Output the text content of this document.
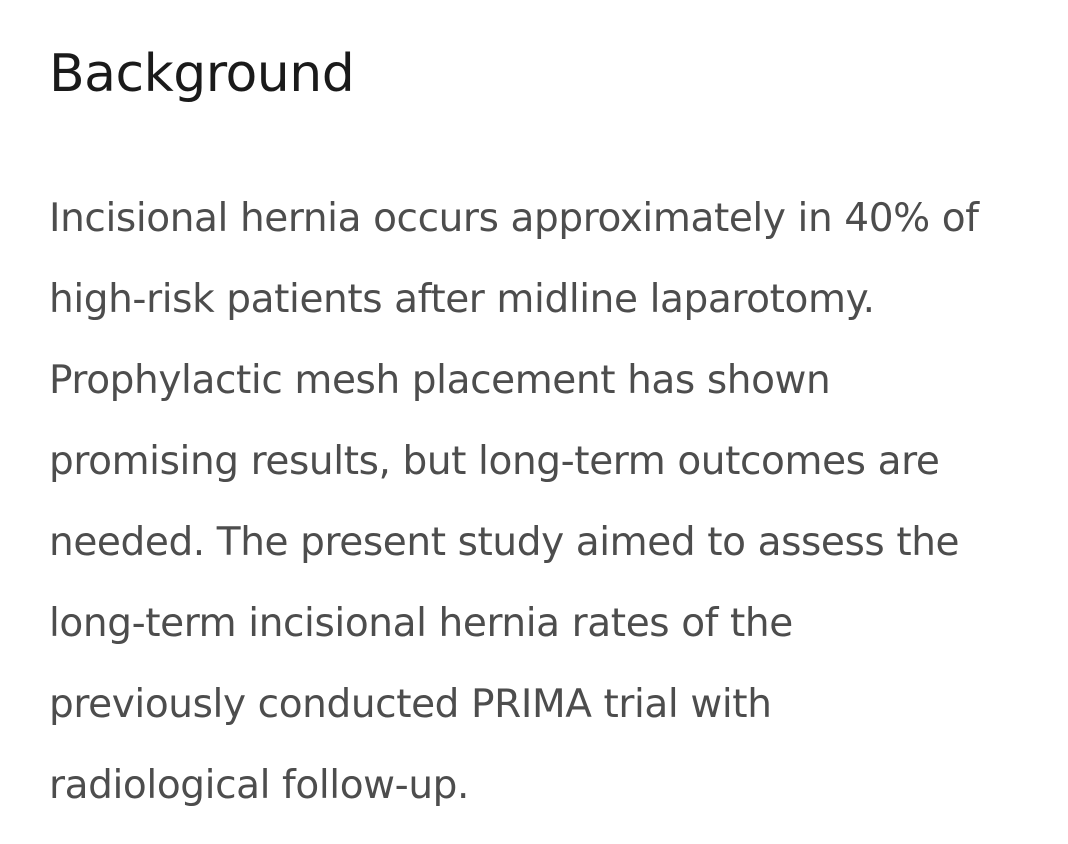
Background
Incisional hernia occurs approximately in 40% of
high-risk patients after midline laparotomy.
Prophylactic mesh placement has shown
promising results, but long-term outcomes are
needed. The present study aimed to assess the
long-term incisional hernia rates of the
previously conducted PRIMA trial with
radiological follow-up.
